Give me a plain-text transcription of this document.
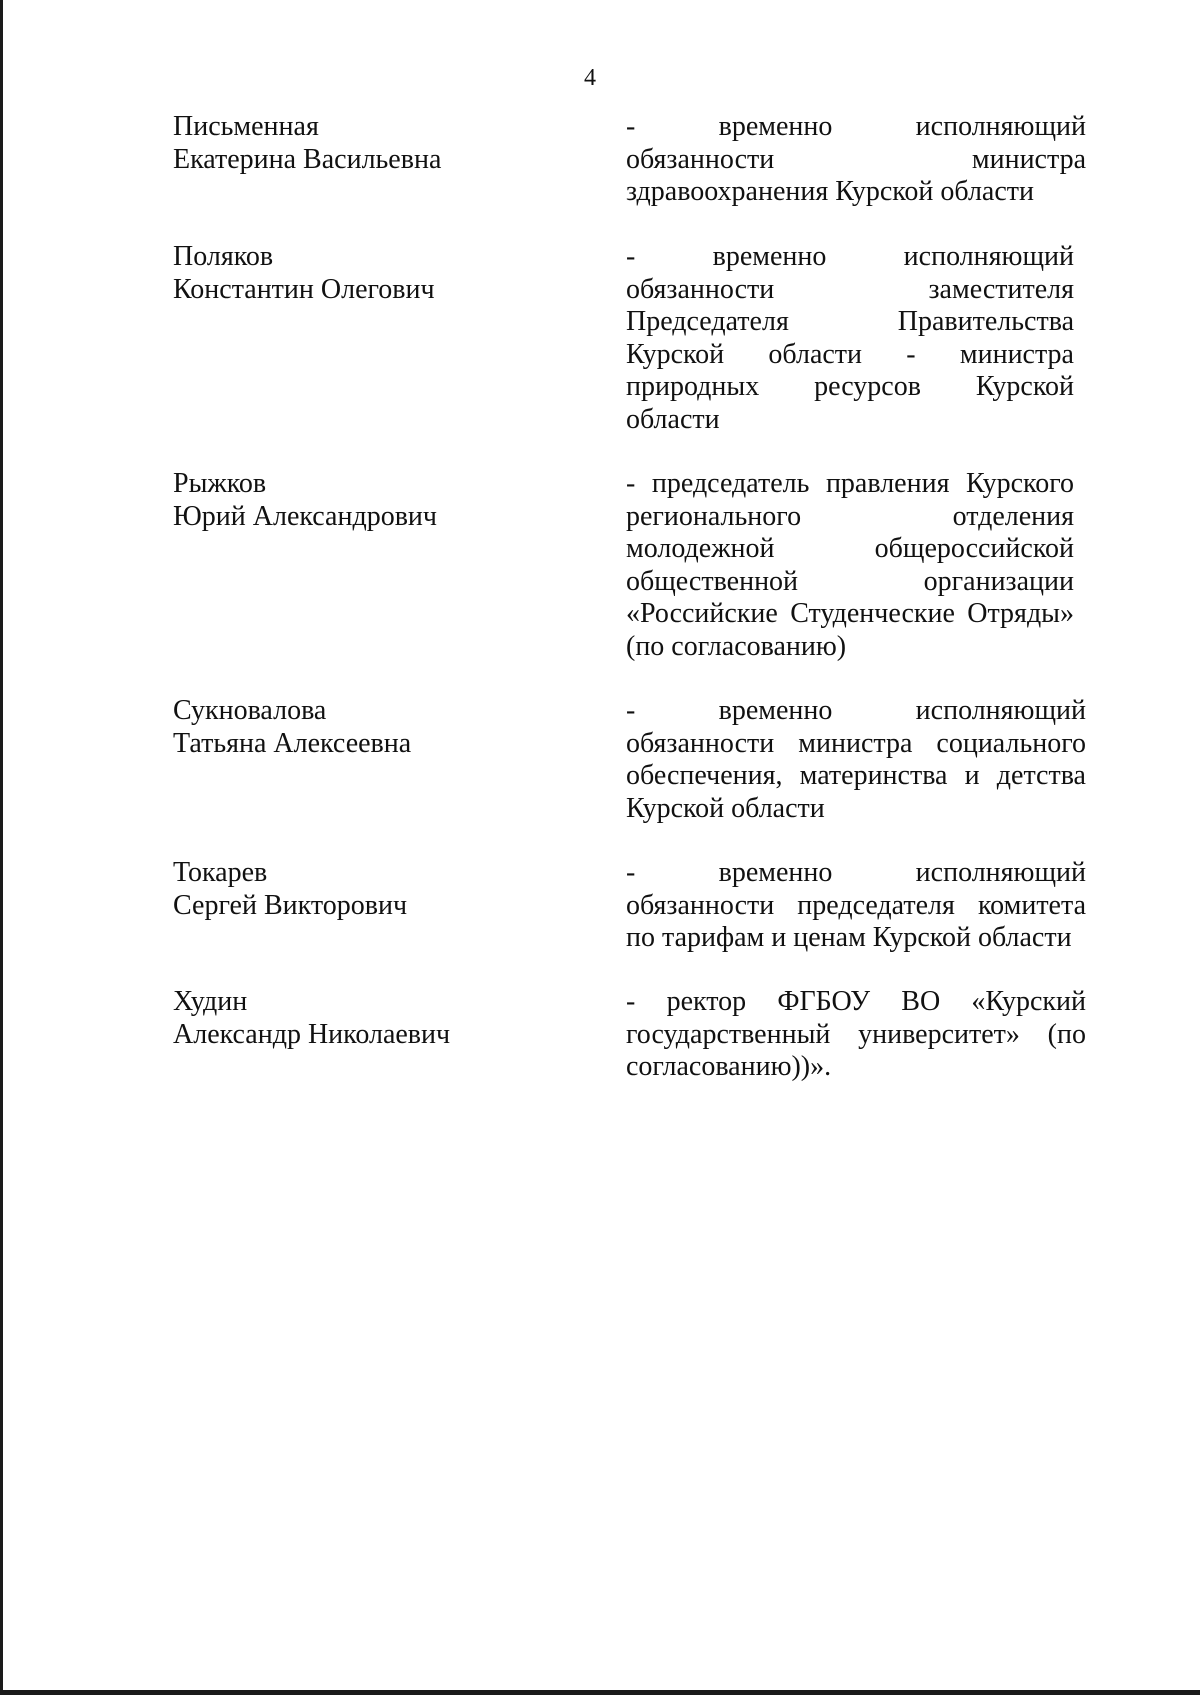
4
Письменная
Екатерина Васильевна
- временно исполняющий
обязанности министра
здравоохранения Курской области
Поляков
Константин Олегович
- временно исполняющий
обязанности заместителя
Председателя Правительства
Курской области - министра
природных ресурсов Курской
области
Рыжков
Юрий Александрович
- председатель правления Курского
регионального отделения
молодежной общероссийской
общественной организации
«Российские Студенческие Отряды»
(по согласованию)
Сукновалова
Татьяна Алексеевна
- временно исполняющий
обязанности министра социального
обеспечения, материнства и детства
Курской области
Токарев
Сергей Викторович
- временно исполняющий
обязанности председателя комитета
по тарифам и ценам Курской области
Худин
Александр Николаевич
- ректор ФГБОУ ВО «Курский
государственный университет» (по
согласованию))».
